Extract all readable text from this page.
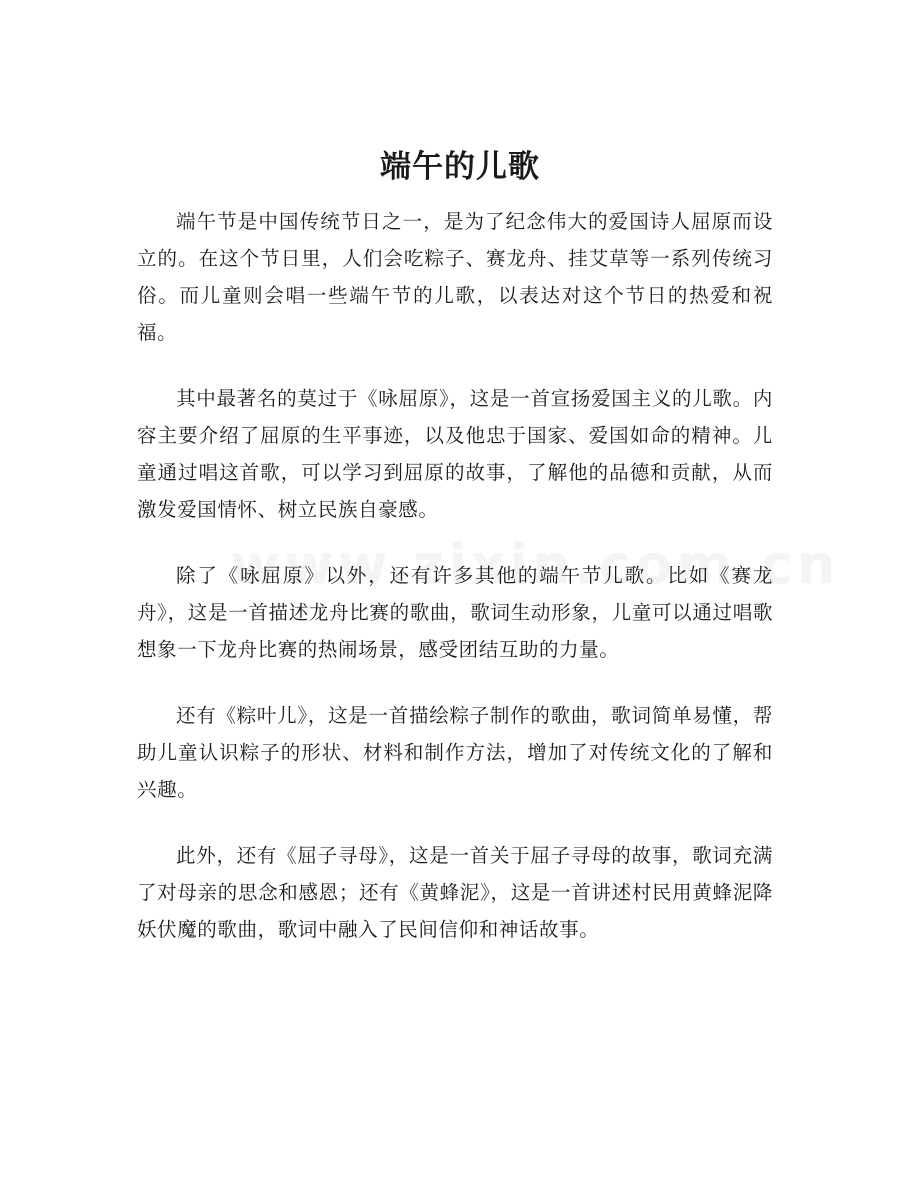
端午的儿歌

端午节是中国传统节日之一，是为了纪念伟大的爱国诗人屈原而设立的。在这个节日里，人们会吃粽子、赛龙舟、挂艾草等一系列传统习俗。而儿童则会唱一些端午节的儿歌，以表达对这个节日的热爱和祝福。

其中最著名的莫过于《咏屈原》，这是一首宣扬爱国主义的儿歌。内容主要介绍了屈原的生平事迹，以及他忠于国家、爱国如命的精神。儿童通过唱这首歌，可以学习到屈原的故事，了解他的品德和贡献，从而激发爱国情怀、树立民族自豪感。

除了《咏屈原》以外，还有许多其他的端午节儿歌。比如《赛龙舟》，这是一首描述龙舟比赛的歌曲，歌词生动形象，儿童可以通过唱歌想象一下龙舟比赛的热闹场景，感受团结互助的力量。

还有《粽叶儿》，这是一首描绘粽子制作的歌曲，歌词简单易懂，帮助儿童认识粽子的形状、材料和制作方法，增加了对传统文化的了解和兴趣。

此外，还有《屈子寻母》，这是一首关于屈子寻母的故事，歌词充满了对母亲的思念和感恩；还有《黄蜂泥》，这是一首讲述村民用黄蜂泥降妖伏魔的歌曲，歌词中融入了民间信仰和神话故事。
